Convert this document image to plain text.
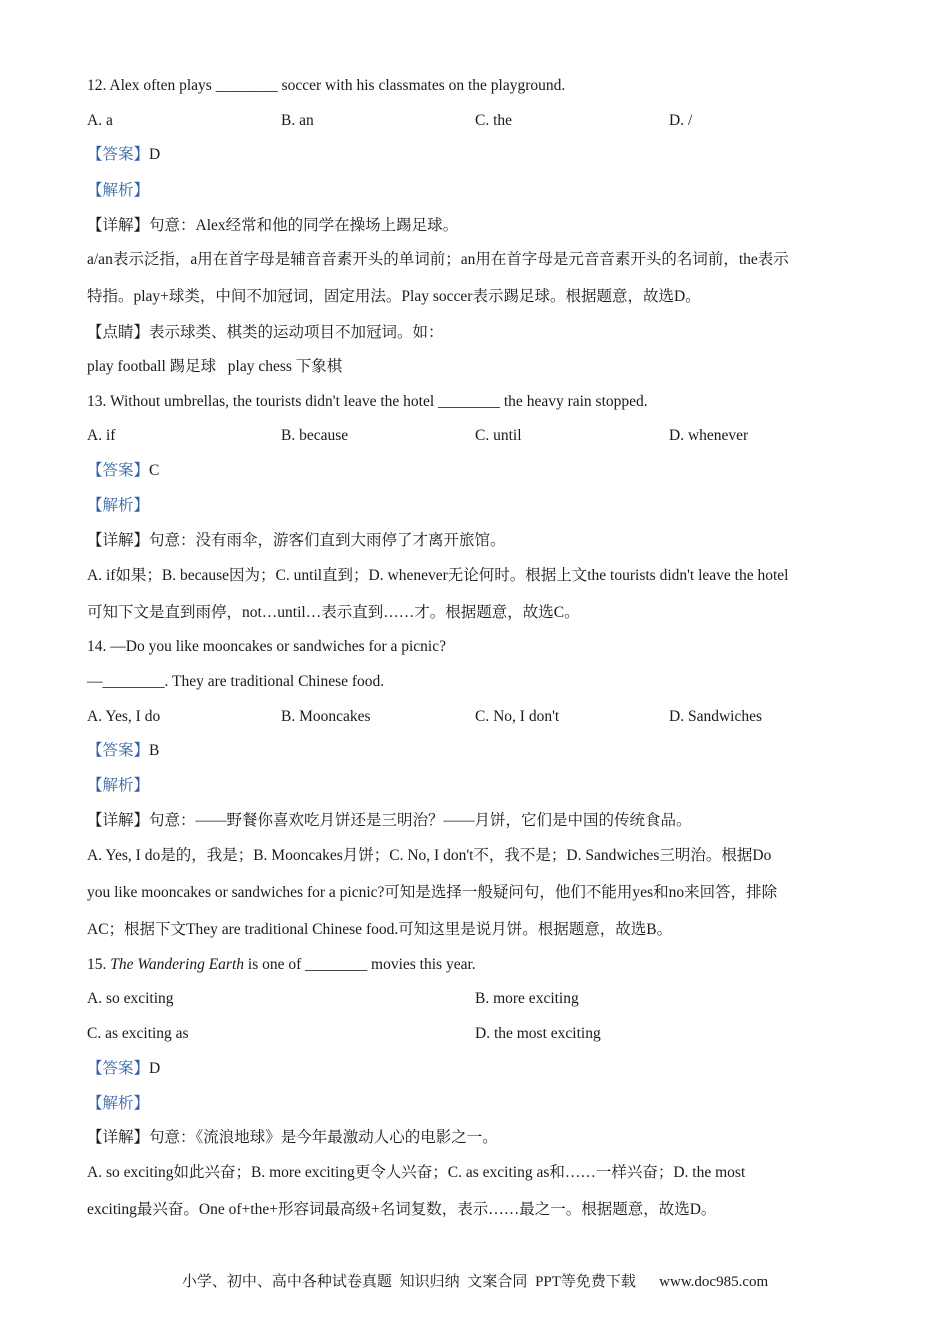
12. Alex often plays ________ soccer with his classmates on the playground.
A. a	B. an	C. the	D. /
【答案】D
【解析】
【详解】句意：Alex经常和他的同学在操场上踢足球。
a/an表示泛指，a用在首字母是辅音音素开头的单词前；an用在首字母是元音音素开头的名词前，the表示
特指。play+球类，中间不加冠词，固定用法。Play soccer表示踢足球。根据题意，故选D。
【点睛】表示球类、棋类的运动项目不加冠词。如：
play football 踢足球   play chess 下象棋
13. Without umbrellas, the tourists didn't leave the hotel ________ the heavy rain stopped.
A. if	B. because	C. until	D. whenever
【答案】C
【解析】
【详解】句意：没有雨伞，游客们直到大雨停了才离开旅馆。
A. if如果；B. because因为；C. until直到；D. whenever无论何时。根据上文the tourists didn't leave the hotel
可知下文是直到雨停，not…until…表示直到……才。根据题意，故选C。
14. —Do you like mooncakes or sandwiches for a picnic?
—________. They are traditional Chinese food.
A. Yes, I do	B. Mooncakes	C. No, I don't	D. Sandwiches
【答案】B
【解析】
【详解】句意：——野餐你喜欢吃月饼还是三明治？——月饼，它们是中国的传统食品。
A. Yes, I do是的，我是；B. Mooncakes月饼；C. No, I don't不，我不是；D. Sandwiches三明治。根据Do
you like mooncakes or sandwiches for a picnic?可知是选择一般疑问句，他们不能用yes和no来回答，排除
AC；根据下文They are traditional Chinese food.可知这里是说月饼。根据题意，故选B。
15. The Wandering Earth is one of ________ movies this year.
A. so exciting	B. more exciting
C. as exciting as	D. the most exciting
【答案】D
【解析】
【详解】句意：《流浪地球》是今年最激动人心的电影之一。
A. so exciting如此兴奋；B. more exciting更令人兴奋；C. as exciting as和……一样兴奋；D. the most
exciting最兴奋。One of+the+形容词最高级+名词复数，表示……最之一。根据题意，故选D。
小学、初中、高中各种试卷真题 知识归纳 文案合同 PPT等免费下载   www.doc985.com
